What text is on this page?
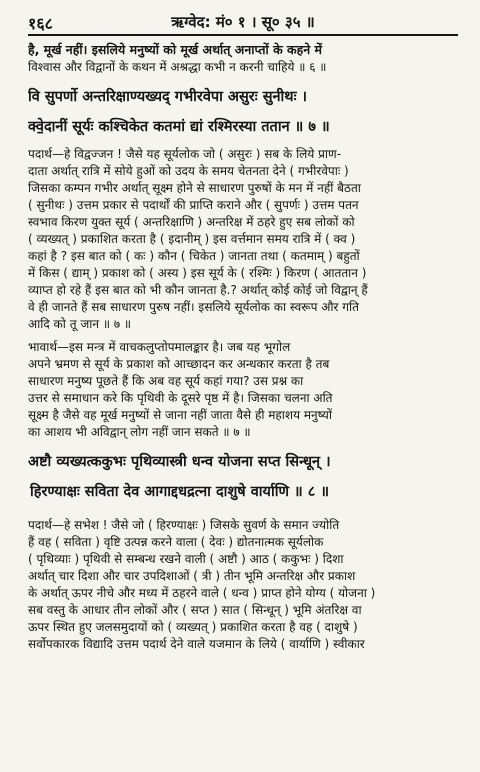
१६८	ऋग्वेद: मं० १ । सू० ३५ ॥
है, मूर्ख नहीं। इसलिये मनुष्यों को मूर्ख अर्थात् अनाप्तों के कहने में
विश्वास और विद्वानों के कथन में अश्रद्धा कभी न करनी चाहिये ॥ ६ ॥
वि सुपर्णो अन्तरिक्षाण्यख्यद् गभीरवेपा असुरः सुनीथः ।
क्वे॒दानीं सूर्यः कश्चिकेत कतमां द्यां रश्मिरस्या ततान ॥ ७ ॥
पदार्थ—हे विद्वज्जन ! जैसे यह सूर्यलोक जो ( असुरः ) सब के लिये प्राण-
दाता अर्थात् रात्रि में सोये हुओं को उदय के समय चेतनता देने ( गभीरवेपाः )
जिसका कम्पन गभीर अर्थात् सूक्ष्म होने से साधारण पुरुषों के मन में नहीं बैठता
( सुनीथः ) उत्तम प्रकार से पदार्थों की प्राप्ति कराने और ( सुपर्णः ) उत्तम पतन
स्वभाव किरण युक्त सूर्य ( अन्तरिक्षाणि ) अन्तरिक्ष में ठहरे हुए सब लोकों को
( व्यख्यत् ) प्रकाशित करता है ( इदानीम् ) इस वर्त्तमान समय रात्रि में ( क्व )
कहां है ? इस बात को ( कः ) कौन ( चिकेत ) जानता तथा ( कतमाम् ) बहुतों
में किस ( द्याम् ) प्रकाश को ( अस्य ) इस सूर्य के ( रश्मिः ) किरण ( आततान )
व्याप्त हो रहे हैं इस बात को भी कौन जानता है.? अर्थात् कोई कोई जो विद्वान् हैं
वे ही जानते हैं सब साधारण पुरुष नहीं। इसलिये सूर्यलोक का स्वरूप और गति
आदि को तू जान ॥ ७ ॥
भावार्थ—इस मन्त्र में वाचकलुप्तोपमालङ्कार है। जब यह भूगोल
अपने भ्रमण से सूर्य के प्रकाश को आच्छादन कर अन्धकार करता है तब
साधारण मनुष्य पूछते हैं कि अब वह सूर्य कहां गया? उस प्रश्न का
उत्तर से समाधान करे कि पृथिवी के दूसरे पृष्ठ में है। जिसका चलना अति
सूक्ष्म है जैसे वह मूर्ख मनुष्यों से जाना नहीं जाता वैसे ही महाशय मनुष्यों
का आशय भी अविद्वान् लोग नहीं जान सकते ॥ ७ ॥
अष्टौ व्यख्यत्ककुभः पृथिव्यास्त्री धन्व योजना सप्त सिन्धून् ।
हिरण्याक्षः सविता देव आगाद्दधद्रत्ना दाशुषे वार्याणि ॥ ८ ॥
पदार्थ—हे सभेश ! जैसे जो ( हिरण्याक्षः ) जिसके सुवर्ण के समान ज्योति
हैं वह ( सविता ) वृष्टि उत्पन्न करने वाला ( देवः ) द्योतनात्मक सूर्यलोक
( पृथिव्याः ) पृथिवी से सम्बन्ध रखने वाली ( अष्टौ ) आठ ( ककुभः ) दिशा
अर्थात् चार दिशा और चार उपदिशाओं ( त्री ) तीन भूमि अन्तरिक्ष और प्रकाश
के अर्थात् ऊपर नीचे और मध्य में ठहरने वाले ( धन्व ) प्राप्त होने योग्य ( योजना )
सब वस्तु के आधार तीन लोकों और ( सप्त ) सात ( सिन्धून् ) भूमि अंतरिक्ष वा
ऊपर स्थित हुए जलसमुदायों को ( व्यख्यत् ) प्रकाशित करता है वह ( दाशुषे )
सर्वोपकारक विद्यादि उत्तम पदार्थ देने वाले यजमान के लिये ( वार्याणि ) स्वीकार
